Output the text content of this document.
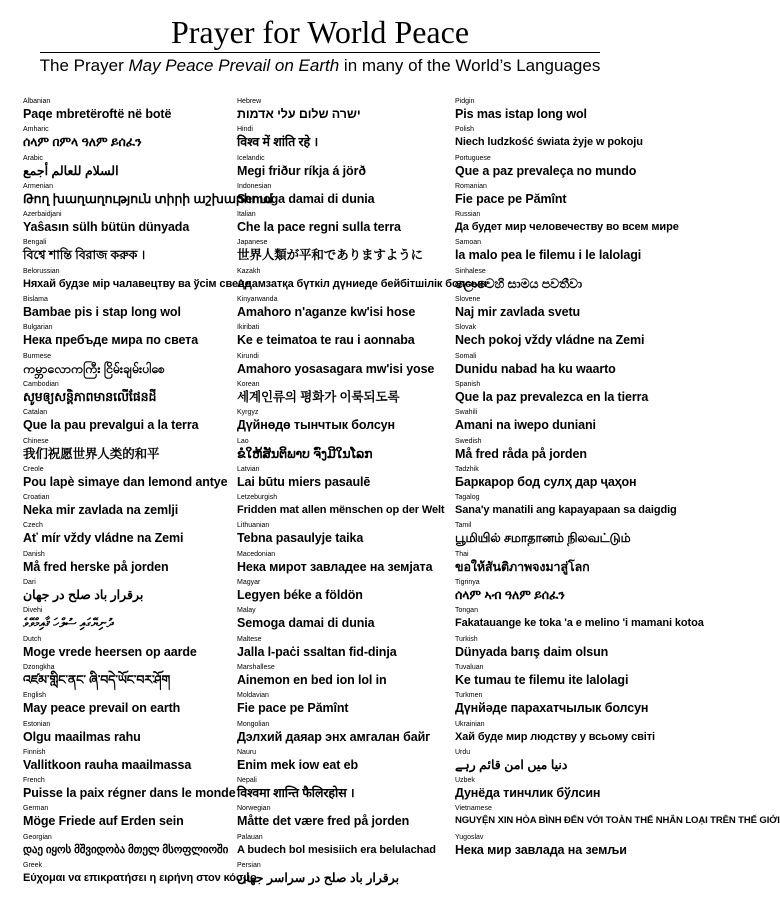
Prayer for World Peace
The Prayer May Peace Prevail on Earth in many of the World’s Languages
Albanian
Paqe mbretëroftë në botë
Amharic
ሰላም በምላ ዓለም ይሰፈን
Arabic
السلام للعالم أجمع
Armenian
Թող խաղաղություն տիրի աշխարհում
Azerbaidjani
Yaŝasın sülh bütün dünyada
Bengali
বিশ্বে শান্তি বিরাজ করুক ।
Belorussian
Няхай будзе мір чалавецтву ва ўсім свеце
Bislama
Bambae pis i stap long wol
Bulgarian
Нека пребъде мира по света
Burmese
ကမ္ဘာလောကကြီး ငြိမ်းချမ်းပါစေ
Cambodian
សូមឲ្យសន្តិភាពមានលើផែនដី
Catalan
Que la pau prevalgui a la terra
Chinese
我们祝愿世界人类的和平
Creole
Pou lapè simaye dan lemond antye
Croatian
Neka mir zavlada na zemlji
Czech
Ať mír vždy vládne na Zemi
Danish
Må fred herske på jorden
Dari
برقرار باد صلح در جهان
Divehi
ދުނިޔޭގައި ސުލްހަ ޤާއިމްވޭވެ
Dutch
Moge vrede heersen op aarde
Dzongkha
འཛམ་གླིང་ནང་ ཞི་བདེ་ཡོང་བར་ཤོག
English
May peace prevail on earth
Estonian
Olgu maailmas rahu
Finnish
Vallitkoon rauha maailmassa
French
Puisse la paix régner dans le monde
German
Möge Friede auf Erden sein
Georgian
დაე იყოს მშვიდობა მთელ მსოფლიოში
Greek
Εύχομαι να επικρατήσει η ειρήνη στον κόσμο
Hebrew
ישרה שלום עלי אדמות
Hindi
विश्व में शांति रहे ।
Icelandic
Megi friður ríkja á jörð
Indonesian
Semoga damai di dunia
Italian
Che la pace regni sulla terra
Japanese
世界人類が平和でありますように
Kazakh
Адамзатқа бүткіл дүниеде бейбітшілік болсын
Kinyarwanda
Amahoro n'aganze kw'isi hose
Ikiribati
Ke e teimatoa te rau i aonnaba
Kirundi
Amahoro yosasagara mw'isi yose
Korean
세계인류의 평화가 이룩되도록
Kyrgyz
Дүйнөдө тынчтык болсун
Lao
ຂໍໃຫ້ສັນຕິພາບ ຈົ່ງມີໃນໂລກ
Latvian
Lai būtu miers pasaulē
Letzeburgish
Fridden mat allen mënschen op der Welt
Lithuanian
Tebna pasaulyje taika
Macedonian
Нека мирот завладее на земјата
Magyar
Legyen béke a földön
Malay
Semoga damai di dunia
Maltese
Jalla l-paċi ssaltan fid-dinja
Marshallese
Ainemon en bed ion lol in
Moldavian
Fie pace pe Pămînt
Mongolian
Дэлхий даяар энх амгалан байг
Nauru
Enim mek iow eat eb
Nepali
विश्वमा शान्ति फैलिरहोस ।
Norwegian
Måtte det være fred på jorden
Palauan
A budech bol mesisiich era belulachad
Persian
برقرار باد صلح در سراسر جهان
Pidgin
Pis mas istap long wol
Polish
Niech ludzkość świata żyje w pokoju
Portuguese
Que a paz prevaleça no mundo
Romanian
Fie pace pe Pămînt
Russian
Да будет мир человечеству во всем мире
Samoan
la malo pea le filemu i le lalolagi
Sinhalese
ලොවෙහි සාමය පවතීවා
Slovene
Naj mir zavlada svetu
Slovak
Nech pokoj vždy vládne na Zemi
Somali
Dunidu nabad ha ku waarto
Spanish
Que la paz prevalezca en la tierra
Swahili
Amani na iwepo duniani
Swedish
Må fred råda på jorden
Tadzhik
Баркарор бод сулҳ дар ҷаҳон
Tagalog
Sana'y manatili ang kapayapaan sa daigdig
Tamil
பூமியில் சமாதானம் நிலவட்டும்
Thai
ขอให้สันติภาพจงมาสู่โลก
Tigrinya
ሰላም ኣብ ዓለም ይሰፈን
Tongan
Fakatauange ke toka 'a e melino 'i mamani kotoa
Turkish
Dünyada barış daim olsun
Tuvaluan
Ke tumau te filemu ite lalolagi
Turkmen
Дүнйәде парахатчылык болсун
Ukrainian
Хай буде мир людству у всьому світі
Urdu
دنیا میں امن قائم رہے
Uzbek
Дунёда тинчлик бўлсин
Vietnamese
NGUYỆN XIN HÒA BÌNH ĐẾN VỚI TOÀN THẾ NHÂN LOẠI TRÊN THẾ GIỚI
Yugoslav
Нека мир завлада на земљи
